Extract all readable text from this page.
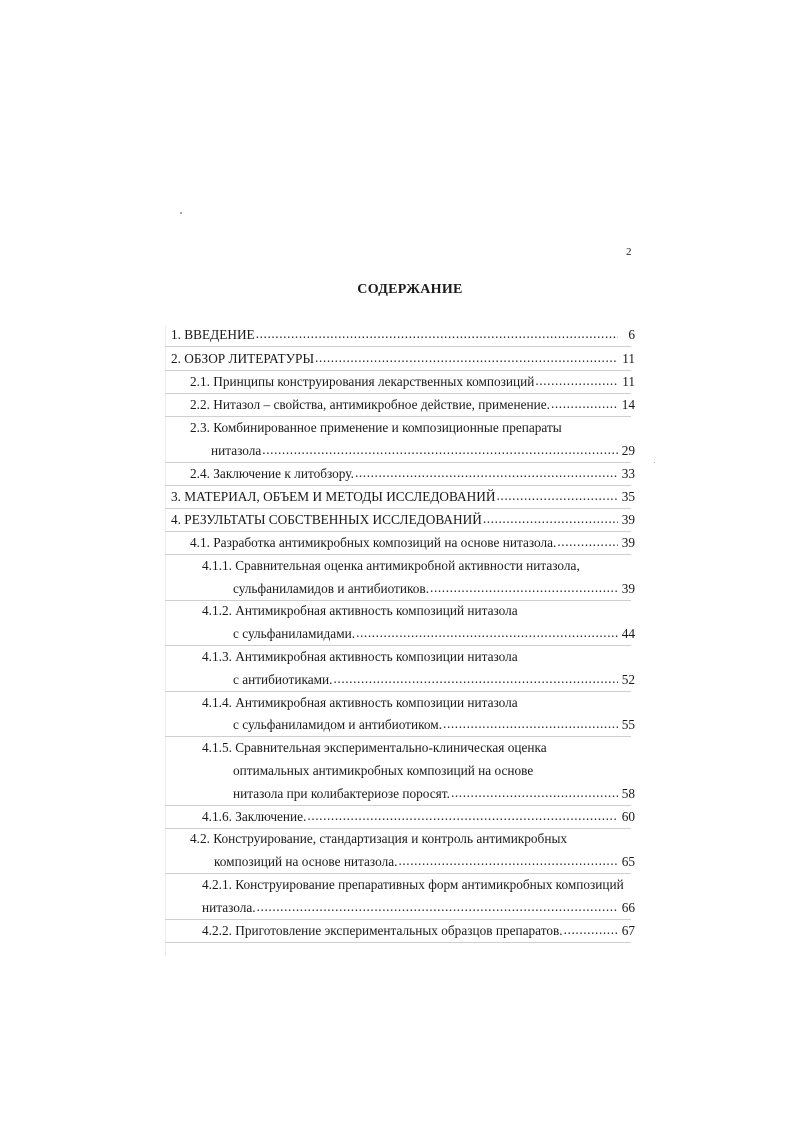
2
СОДЕРЖАНИЕ
1. ВВЕДЕНИЕ .....	6
2. ОБЗОР ЛИТЕРАТУРЫ .....	11
2.1. Принципы конструирования лекарственных композиций .....	11
2.2. Нитазол – свойства, антимикробное действие, применение. .....	14
2.3. Комбинированное применение и композиционные препараты
нитазола .....	29
2.4. Заключение к литобзору. .....	33
3. МАТЕРИАЛ, ОБЪЕМ И МЕТОДЫ ИССЛЕДОВАНИЙ .....	35
4. РЕЗУЛЬТАТЫ СОБСТВЕННЫХ ИССЛЕДОВАНИЙ .....	39
4.1. Разработка антимикробных композиций на основе нитазола. .....	39
4.1.1. Сравнительная оценка антимикробной активности нитазола,
сульфаниламидов и антибиотиков. .....	39
4.1.2. Антимикробная активность композиций нитазола
с сульфаниламидами. .....	44
4.1.3. Антимикробная активность композиции нитазола
с антибиотиками. .....	52
4.1.4. Антимикробная активность композиции нитазола
с сульфаниламидом и антибиотиком. .....	55
4.1.5. Сравнительная экспериментально-клиническая оценка
оптимальных антимикробных композиций на основе
нитазола при колибактериозе поросят. .....	58
4.1.6. Заключение. .....	60
4.2. Конструирование, стандартизация и контроль антимикробных
композиций на основе нитазола. .....	65
4.2.1. Конструирование препаративных форм антимикробных композиций
нитазола. .....	66
4.2.2. Приготовление экспериментальных образцов препаратов. .....	67
